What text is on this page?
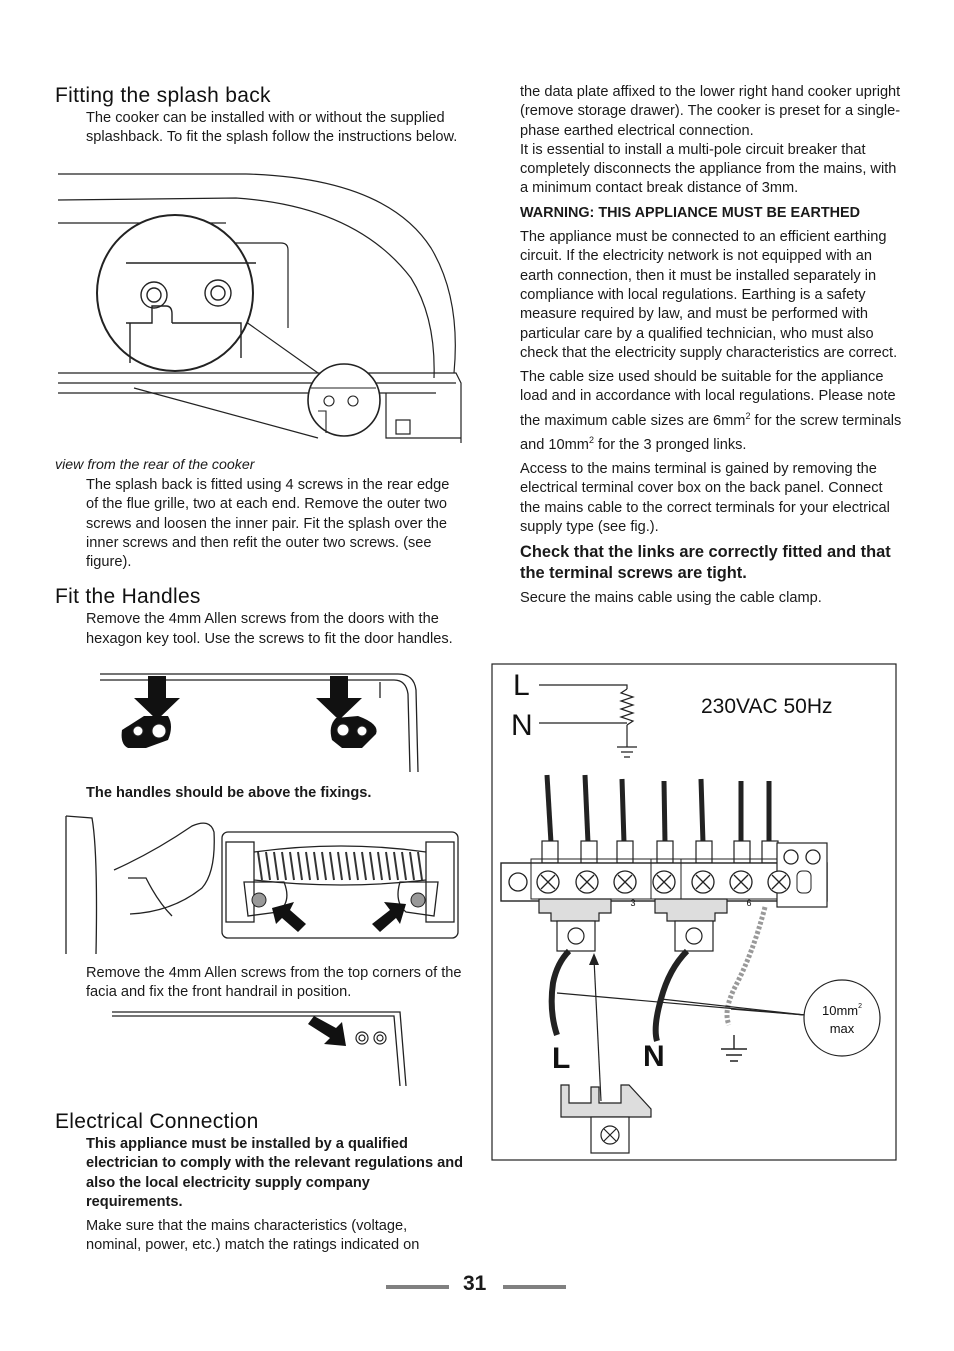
Fitting the splash back

The cooker can be installed with or without the supplied splashback. To fit the splash follow the instructions below.

view from the rear of the cooker

The splash back is fitted using 4 screws in the rear edge of the flue grille, two at each end. Remove the outer two screws and loosen the inner pair. Fit the splash over the inner screws and then refit the outer two screws. (see figure).

Fit the Handles

Remove the 4mm Allen screws from the doors with the hexagon key tool. Use the screws to fit the door handles.

The handles should be above the fixings.

Remove the 4mm Allen screws from the top corners of the facia and fix the front handrail in position.

Electrical Connection

This appliance must be installed by a qualified electrician to comply with the relevant regulations and also the local electricity supply company requirements.

Make sure that the mains characteristics (voltage, nominal, power, etc.) match the ratings indicated on

the data plate affixed to the lower right hand cooker upright (remove storage drawer). The cooker is preset for a single-phase earthed electrical connection.

It is essential to install a multi-pole circuit breaker that completely disconnects the appliance from the mains, with a minimum contact break distance of 3mm.

WARNING: THIS APPLIANCE MUST BE EARTHED

The appliance must be connected to an efficient earthing circuit. If the electricity network is not equipped with an earth connection, then it must be installed separately in compliance with local regulations. Earthing is a safety measure required by law, and must be performed with particular care by a qualified technician, who must also check that the electricity supply characteristics are correct.

The cable size used should be suitable for the appliance load and in accordance with local regulations. Please note the maximum cable sizes are $6mm^2$ for the screw terminals and $10mm^2$ for the 3 pronged links.

Access to the mains terminal is gained by removing the electrical terminal cover box on the back panel. Connect the mains cable to the correct terminals for your electrical supply type (see fig.).

Check that the links are correctly fitted and that the terminal screws are tight.

Secure the mains cable using the cable clamp.

L
N
230VAC 50Hz
3	6
$10mm^2$
max
L N
31
